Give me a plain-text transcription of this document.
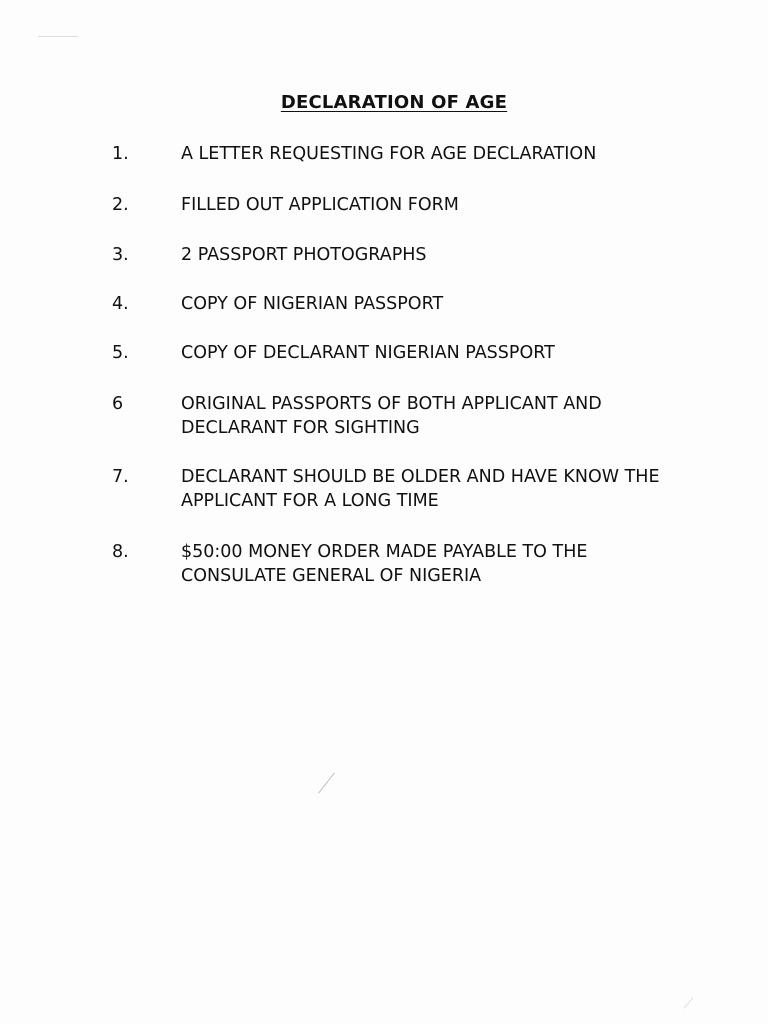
DECLARATION OF AGE
1.	A LETTER REQUESTING FOR AGE DECLARATION
2.	FILLED OUT APPLICATION FORM
3.	2 PASSPORT PHOTOGRAPHS
4.	COPY OF NIGERIAN PASSPORT
5.	COPY OF DECLARANT NIGERIAN PASSPORT
6	ORIGINAL PASSPORTS OF BOTH APPLICANT AND
DECLARANT FOR SIGHTING
7.	DECLARANT SHOULD BE OLDER AND HAVE KNOW THE
APPLICANT FOR A LONG TIME
8.	$50:00 MONEY ORDER MADE PAYABLE TO THE
CONSULATE GENERAL OF NIGERIA
